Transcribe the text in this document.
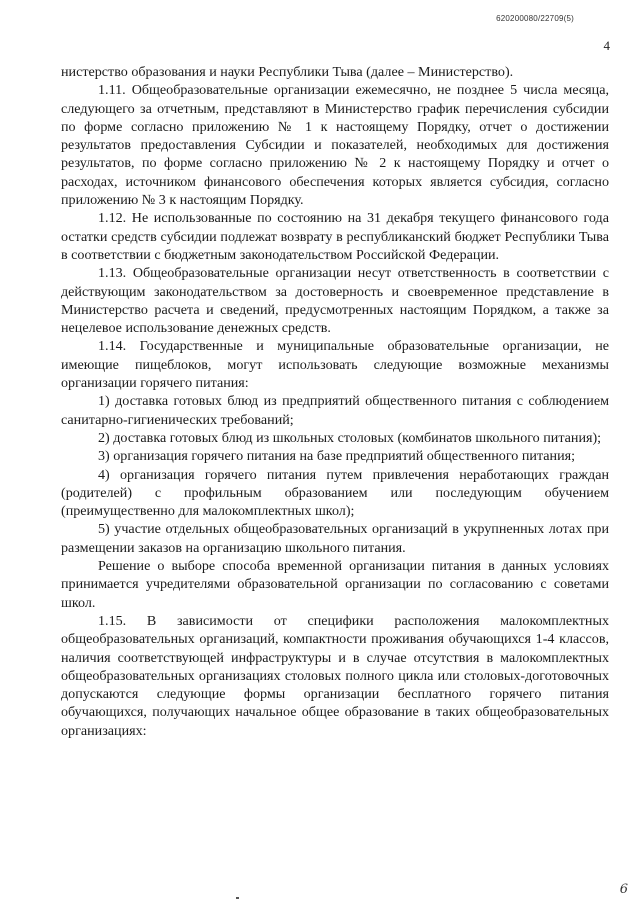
620200080/22709(5)
4

нистерство образования и науки Республики Тыва (далее – Министерство).

1.11. Общеобразовательные организации ежемесячно, не позднее 5 числа месяца, следующего за отчетным, представляют в Министерство график перечисления субсидии по форме согласно приложению № 1 к настоящему Порядку, отчет о достижении результатов предоставления Субсидии и показателей, необходимых для достижения результатов, по форме согласно приложению № 2 к настоящему Порядку и отчет о расходах, источником финансового обеспечения которых является субсидия, согласно приложению № 3 к настоящим Порядку.

1.12. Не использованные по состоянию на 31 декабря текущего финансового года остатки средств субсидии подлежат возврату в республиканский бюджет Республики Тыва в соответствии с бюджетным законодательством Российской Федерации.

1.13. Общеобразовательные организации несут ответственность в соответствии с действующим законодательством за достоверность и своевременное представление в Министерство расчета и сведений, предусмотренных настоящим Порядком, а также за нецелевое использование денежных средств.

1.14. Государственные и муниципальные образовательные организации, не имеющие пищеблоков, могут использовать следующие возможные механизмы организации горячего питания:

1) доставка готовых блюд из предприятий общественного питания с соблюдением санитарно-гигиенических требований;

2) доставка готовых блюд из школьных столовых (комбинатов школьного питания);

3) организация горячего питания на базе предприятий общественного питания;

4) организация горячего питания путем привлечения неработающих граждан (родителей) с профильным образованием или последующим обучением (преимущественно для малокомплектных школ);

5) участие отдельных общеобразовательных организаций в укрупненных лотах при размещении заказов на организацию школьного питания.

Решение о выборе способа временной организации питания в данных условиях принимается учредителями образовательной организации по согласованию с советами школ.

1.15. В зависимости от специфики расположения малокомплектных общеобразовательных организаций, компактности проживания обучающихся 1-4 классов, наличия соответствующей инфраструктуры и в случае отсутствия в малокомплектных общеобразовательных организациях столовых полного цикла или столовых-доготовочных допускаются следующие формы организации бесплатного горячего питания обучающихся, получающих начальное общее образование в таких общеобразовательных организациях:

6
